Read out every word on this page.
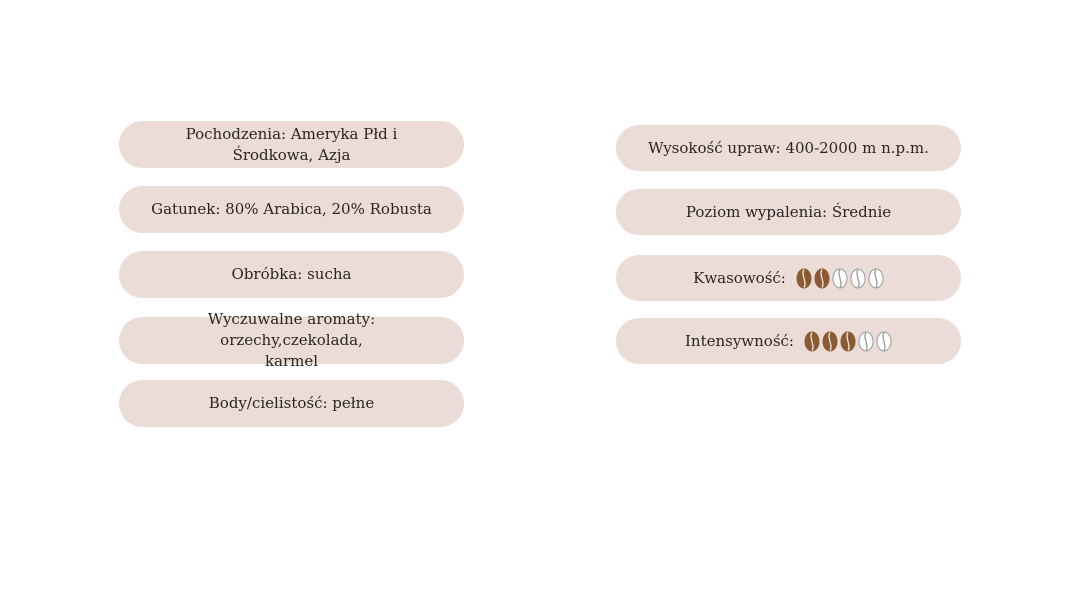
Pochodzenia: Ameryka Płd i
Środkowa, Azja
Gatunek: 80% Arabica, 20% Robusta
Obróbka: sucha
Wyczuwalne aromaty: orzechy,czekolada,
karmel
Body/cielistość: pełne
Wysokość upraw: 400-2000 m n.p.m.
Poziom wypalenia: Średnie
Kwasowość:
Intensywność:
